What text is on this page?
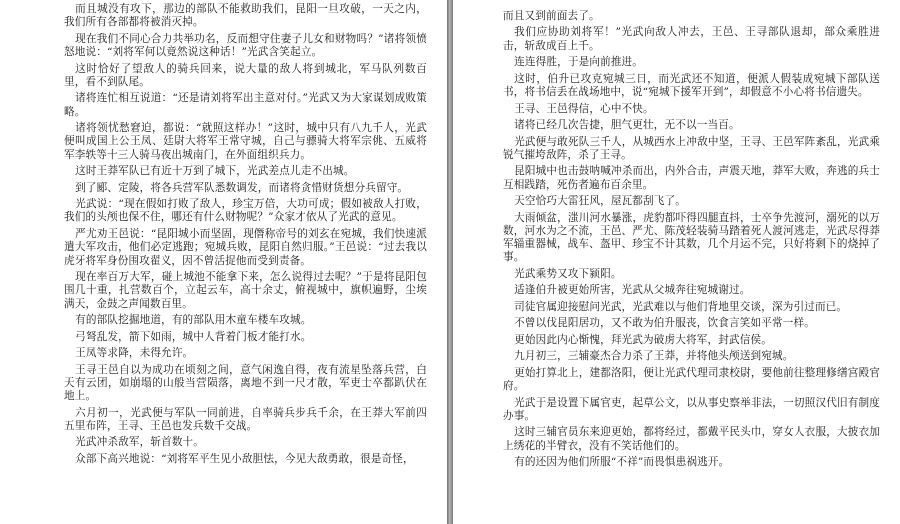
而且城没有攻下，那边的部队不能救助我们，昆阳一旦攻破，一天之内，我们所有各部都将被消灭掉。

现在我们不同心合力共举功名，反而想守住妻子儿女和财物吗？”诸将领愤怒地说：“刘将军何以竟然说这种话！”光武含笑起立。

这时恰好了望敌人的骑兵回来，说大量的敌人将到城北，军马队列数百里，看不到队尾。

诸将连忙相互说道：“还是请刘将军出主意对付。”光武又为大家谋划成败策略。

诸将领忧愁窘迫，都说：“就照这样办！”这时，城中只有八九千人，光武便叫成国上公王凤、廷尉大将军王常守城，自己与骠骑大将军宗佻、五威将军李轶等十三人骑马夜出城南门，在外面组织兵力。

这时王莽军队已有近十万到了城下，光武差点儿走不出城。

到了郾、定陵，将各兵营军队悉数调发，而诸将贪惜财货想分兵留守。

光武说：“现在假如打败了敌人，珍宝万倍，大功可成；假如被敌人打败，我们的头颅也保不住，哪还有什么财物呢？”众家才依从了光武的意见。

严尤劝王邑说：“昆阳城小而坚固，现僭称帝号的刘玄在宛城，我们快速派遣大军攻击，他们必定逃跑；宛城兵败，昆阳自然归服。”王邑说：“过去我以虎牙将军身份围攻翟义，因不曾活捉他而受到责备。

现在率百万大军，碰上城池不能拿下来，怎么说得过去呢？”于是将昆阳包围几十重，扎营数百个，立起云车，高十余丈，俯视城中，旗帜遍野，尘埃满天，金鼓之声闻数百里。

有的部队挖掘地道，有的部队用木童车楼车攻城。

弓弩乱发，箭下如雨，城中人背着门板才能打水。

王凤等求降，未得允许。

王寻王邑自以为成功在顷刻之间，意气闲逸自得，夜有流星坠落兵营，白天有云团，如崩塌的山般当营陨落，离地不到一尺才散，军吏士卒都趴伏在地上。

六月初一，光武便与军队一同前进，自率骑兵步兵千余，在王莽大军前四五里布阵，王寻、王邑也发兵数千交战。

光武冲杀敌军，斩首数十。

众部下高兴地说：“刘将军平生见小敌胆怯，今见大敌勇敢，很是奇怪，

而且又到前面去了。

我们应协助刘将军！”光武向敌人冲去，王邑、王寻部队退却，部众乘胜进击，斩敌成百上千。

连连得胜，于是向前推进。

这时，伯升已攻克宛城三日，而光武还不知道，便派人假装成宛城下部队送书，将书信丢在战场地中，说“宛城下援军开到”，却假意不小心将书信遗失。

王寻、王邑得信，心中不快。

诸将已经几次告捷，胆气更壮，无不以一当百。

光武便与敢死队三千人，从城西水上冲敌中坚，王寻、王邑军阵紊乱，光武乘锐气摧垮敌阵，杀了王寻。

昆阳城中也击鼓呐喊冲杀而出，内外合击，声震天地，莽军大败，奔逃的兵士互相践踏，死伤者遍布百余里。

天空恰巧大雷狂风，屋瓦都刮飞了。

大雨倾盆，滍川河水暴涨，虎豹都吓得四腿直抖，士卒争先渡河，溺死的以万数，河水为之不流，王邑、严尤、陈茂轻装骑马踏着死人渡河逃走，光武尽得莽军辎重器械，战车、盔甲、珍宝不计其数，几个月运不完，只好将剩下的烧掉了事。

光武乘势又攻下颍阳。

适逢伯升被更始所害，光武从父城奔往宛城谢过。

司徒官属迎接慰问光武，光武难以与他们背地里交谈，深为引过而已。

不曾以伐昆阳居功，又不敢为伯升服丧，饮食言笑如平常一样。

更始因此内心惭愧，拜光武为破虏大将军，封武信侯。

九月初三，三辅豪杰合力杀了王莽，并将他头颅送到宛城。

更始打算北上，建都洛阳，便让光武代理司隶校尉，要他前往整理修缮宫殿官府。

光武于是设置下属官吏，起草公文，以从事史察举非法，一切照汉代旧有制度办事。

这时三辅官员东来迎更始，都将经过，都戴平民头巾，穿女人衣服，大披衣加上绣花的半臂衣，没有不笑话他们的。

有的还因为他们所服“不祥”而畏惧患祸逃开。
